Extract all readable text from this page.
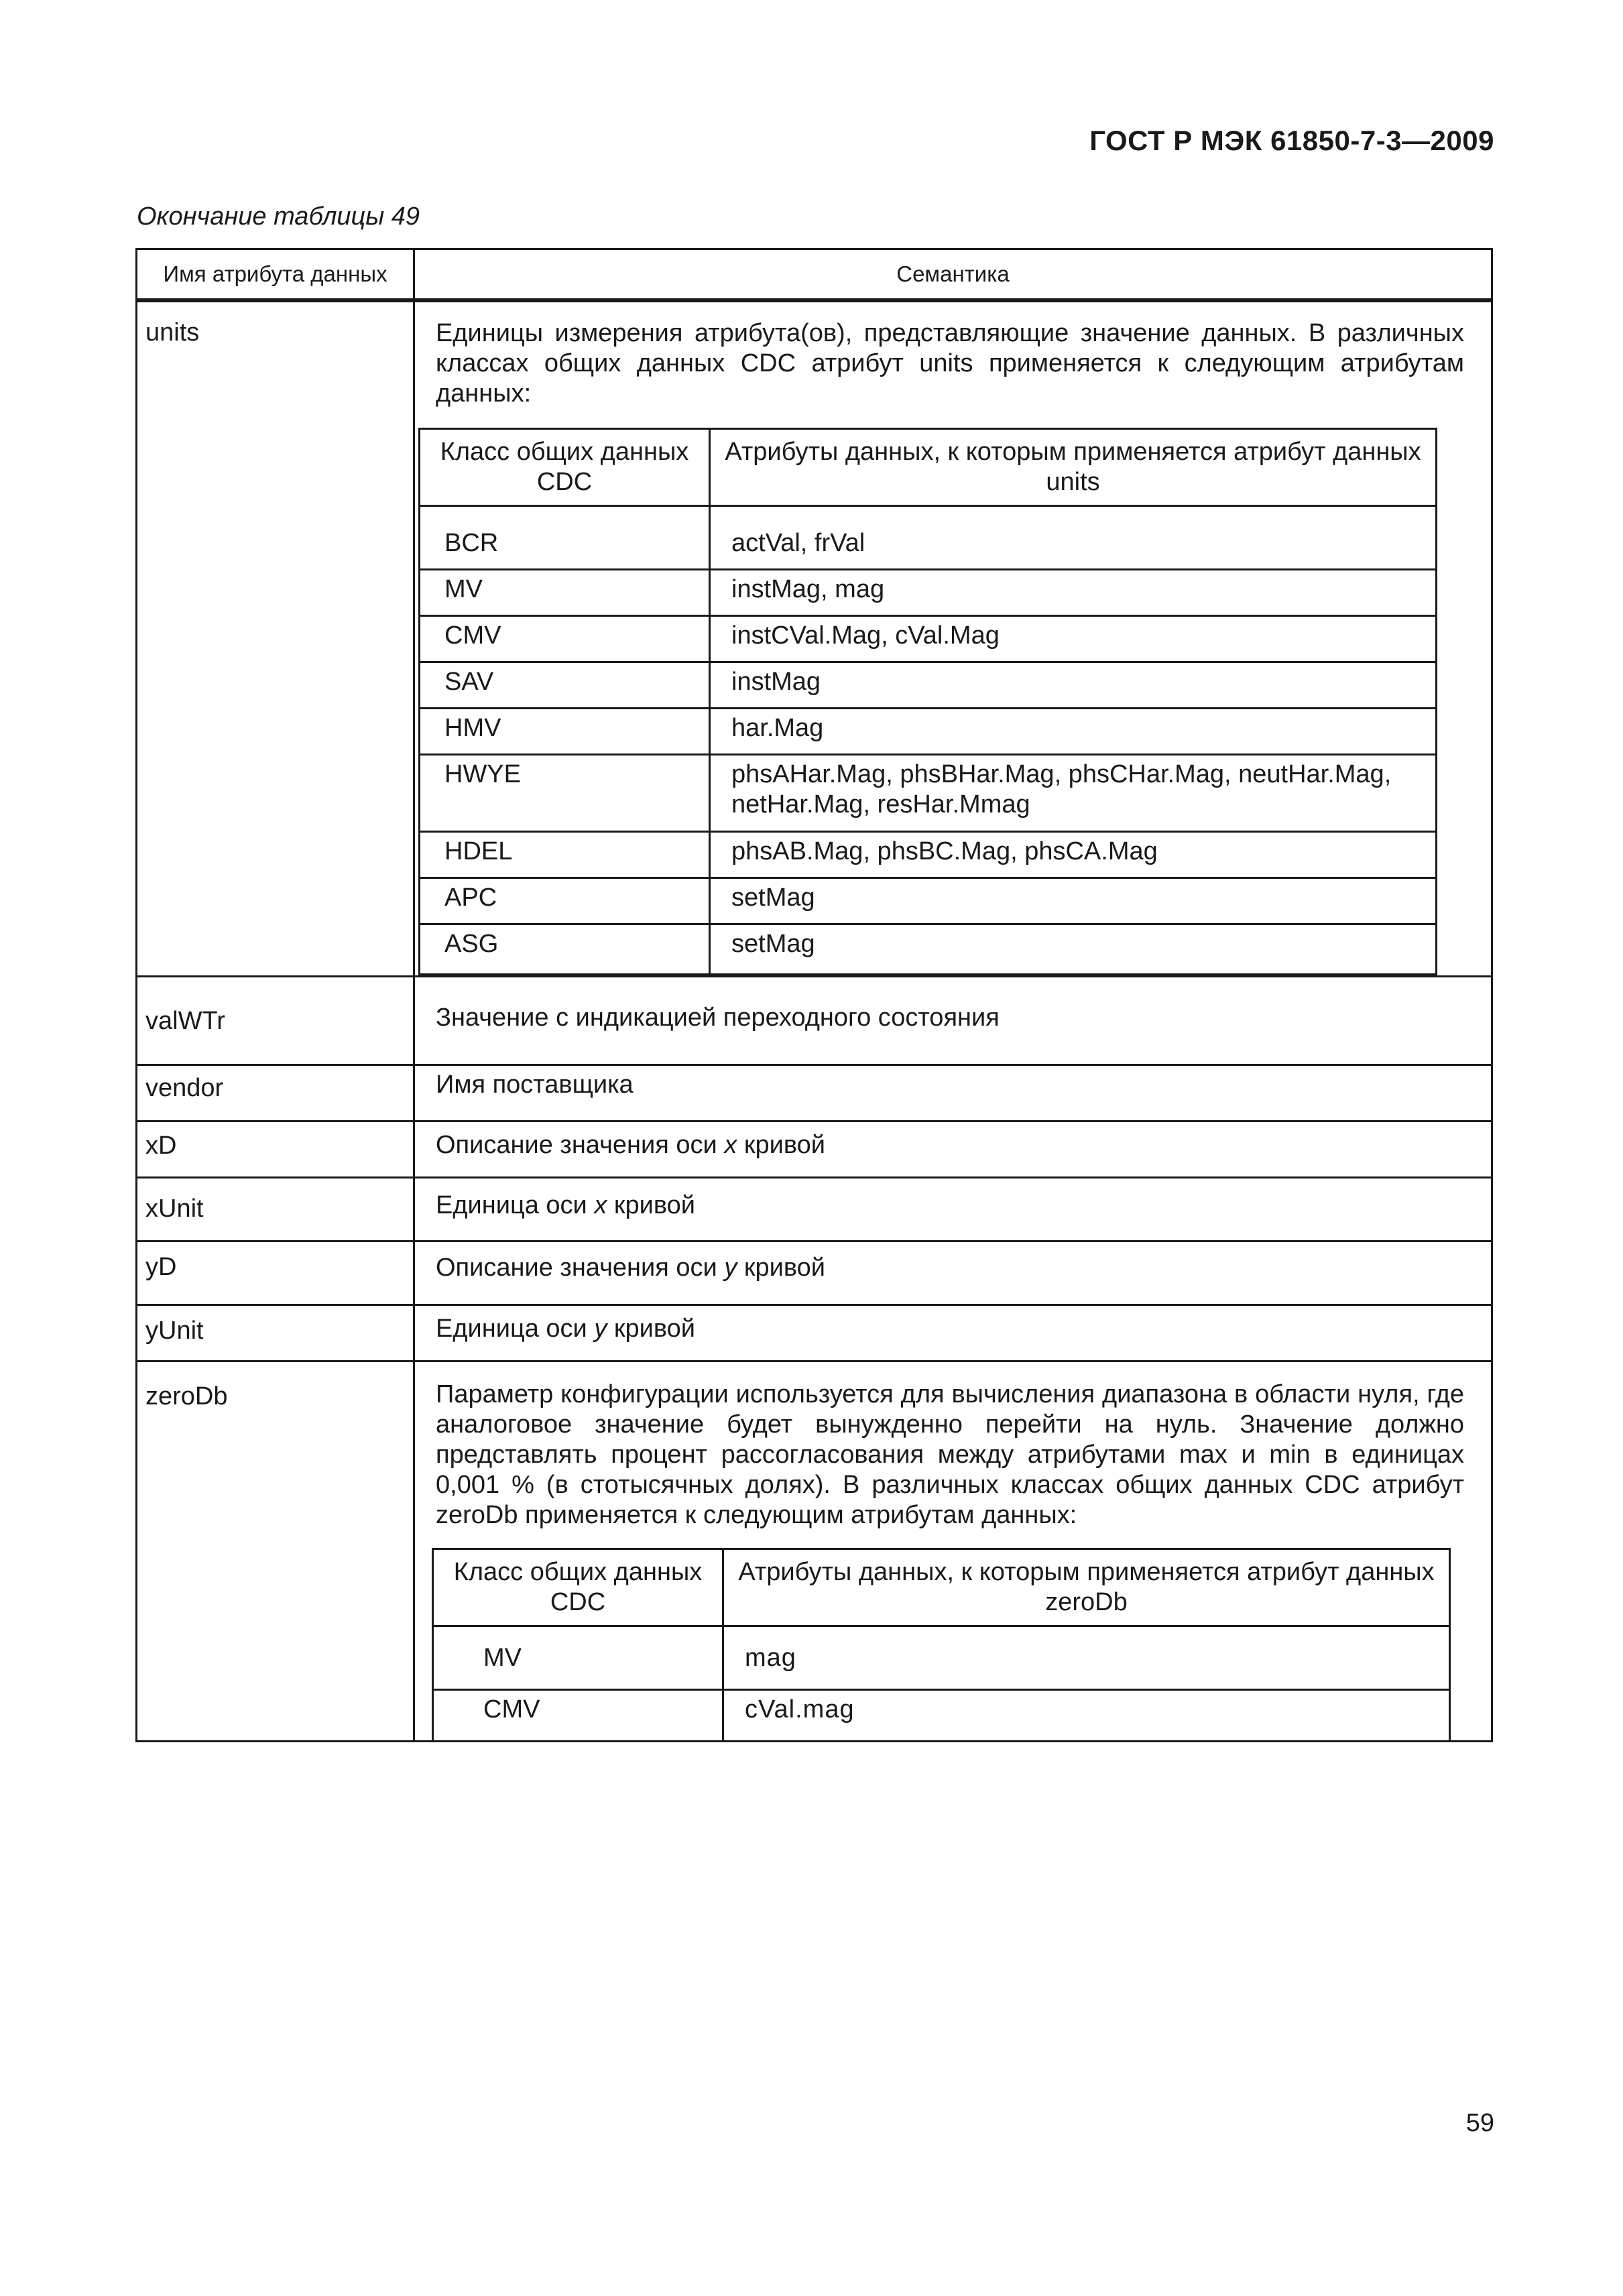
ГОСТ Р МЭК 61850-7-3—2009
Окончание таблицы 49
Имя атрибута данных	Семантика
units	Единицы измерения атрибута(ов), представляющие значение данных. В различных классах общих данных CDC атрибут units применяется к следующим атрибутам данных:

Класс общих данных CDC	Атрибуты данных, к которым применяется атрибут данных units
BCR	actVal, frVal
MV	instMag, mag
CMV	instCVal.Mag, cVal.Mag
SAV	instMag
HMV	har.Mag
HWYE	phsAHar.Mag, phsBHar.Mag, phsCHar.Mag, neutHar.Mag, netHar.Mag, resHar.Mmag
HDEL	phsAB.Mag, phsBC.Mag, phsCA.Mag
APC	setMag
ASG	setMag

valWTr	Значение с индикацией переходного состояния
vendor	Имя поставщика
xD	Описание значения оси x кривой
xUnit	Единица оси x кривой
yD	Описание значения оси y кривой
yUnit	Единица оси y кривой
zeroDb	Параметр конфигурации используется для вычисления диапазона в области нуля, где аналоговое значение будет вынужденно перейти на нуль. Значение должно представлять процент рассогласования между атрибутами max и min в единицах 0,001 % (в стотысячных долях). В различных классах общих данных CDC атрибут zeroDb применяется к следующим атрибутам данных:

Класс общих данных CDC	Атрибуты данных, к которым применяется атрибут данных zeroDb
MV	mag
CMV	cVal.mag
59
